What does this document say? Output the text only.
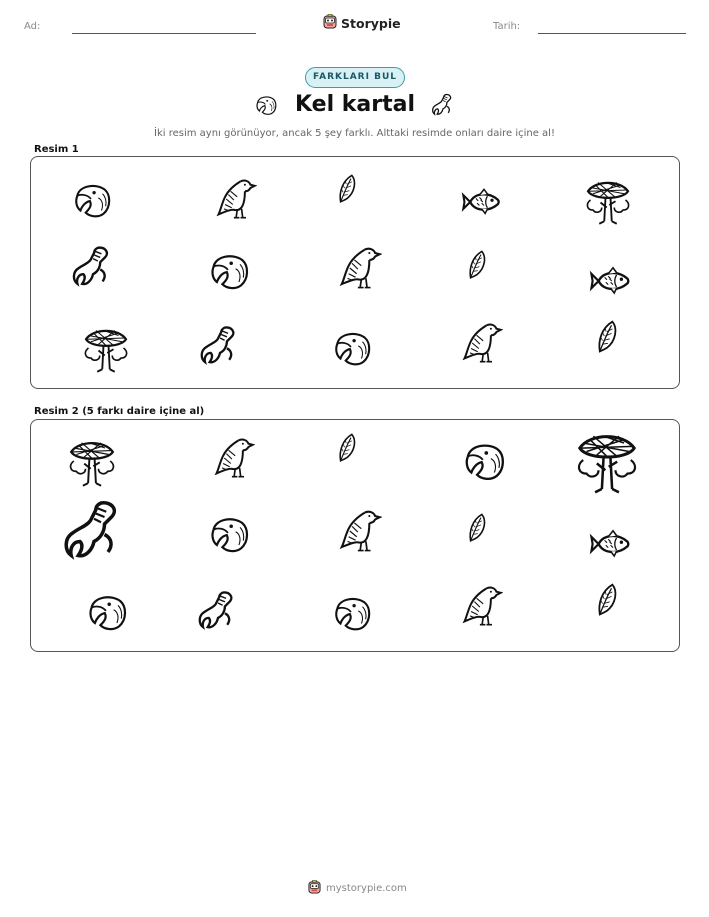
Ad:	Storypie	Tarih:
FARKLARI BUL
Kel kartal
İki resim aynı görünüyor, ancak 5 şey farklı. Alttaki resimde onları daire içine al!
Resim 1
Resim 2 (5 farkı daire içine al)
mystorypie.com
